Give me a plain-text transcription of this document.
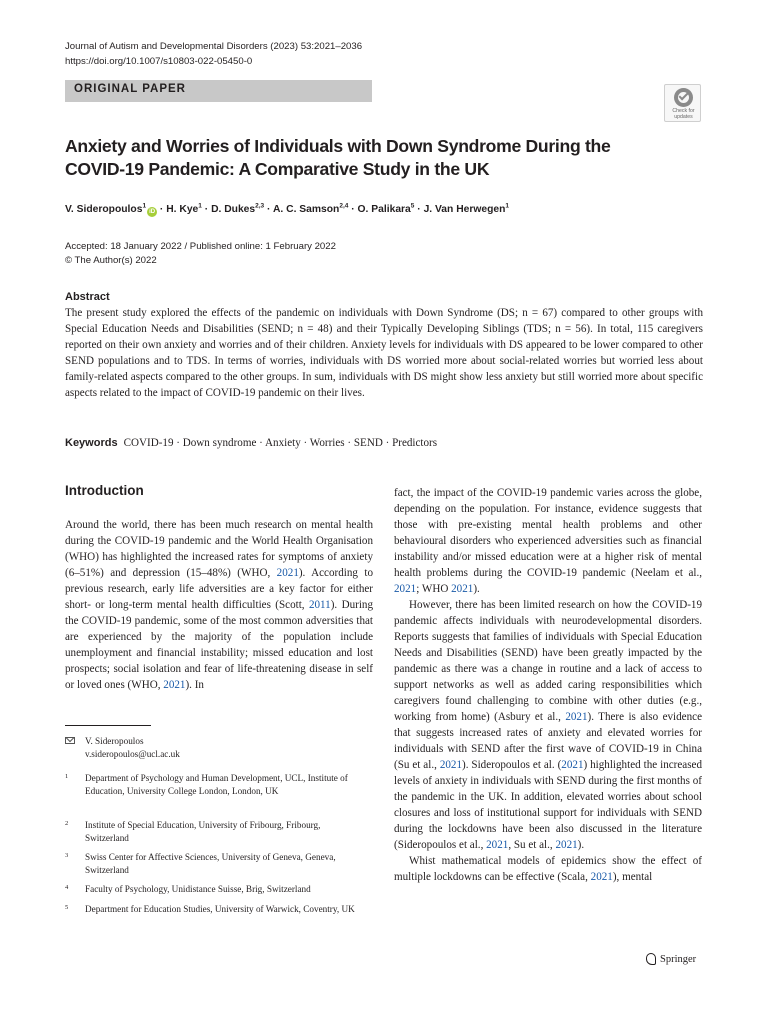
Journal of Autism and Developmental Disorders (2023) 53:2021–2036
https://doi.org/10.1007/s10803-022-05450-0
ORIGINAL PAPER
Check for
updates
Anxiety and Worries of Individuals with Down Syndrome During the COVID-19 Pandemic: A Comparative Study in the UK
V. Sideropoulos$^1$iD · H. Kye$^1$ · D. Dukes$^{2,3}$ · A. C. Samson$^{2,4}$ · O. Palikara$^5$ · J. Van Herwegen$^1$
Accepted: 18 January 2022 / Published online: 1 February 2022
© The Author(s) 2022
Abstract

The present study explored the effects of the pandemic on individuals with Down Syndrome (DS; n = 67) compared to other groups with Special Education Needs and Disabilities (SEND; n = 48) and their Typically Developing Siblings (TDS; n = 56). In total, 115 caregivers reported on their own anxiety and worries and of their children. Anxiety levels for individuals with DS appeared to be lower compared to other SEND populations and to TDS. In terms of worries, individuals with DS worried more about social-related worries but worried less about family-related aspects compared to the other groups. In sum, individuals with DS might show less anxiety but still worried more about specific aspects related to the impact of COVID-19 pandemic on their lives.

Keywords COVID-19 · Down syndrome · Anxiety · Worries · SEND · Predictors
Introduction

Around the world, there has been much research on mental health during the COVID-19 pandemic and the World Health Organisation (WHO) has highlighted the increased rates for symptoms of anxiety (6–51%) and depression (15–48%) (WHO, 2021). According to previous research, early life adversities are a key factor for either short- or long-term mental health difficulties (Scott, 2011). During the COVID-19 pandemic, some of the most common adversities that are experienced by the majority of the population include unemployment and financial instability; missed education and lost prospects; social isolation and fear of life-threatening disease in self or loved ones (WHO, 2021). In

fact, the impact of the COVID-19 pandemic varies across the globe, depending on the population. For instance, evidence suggests that those with pre-existing mental health problems and other behavioural disorders who experienced adversities such as financial instability and/or missed education were at a higher risk of mental health problems during the COVID-19 pandemic (Neelam et al., 2021; WHO 2021).

However, there has been limited research on how the COVID-19 pandemic affects individuals with neurodevelopmental disorders. Reports suggests that families of individuals with Special Education Needs and Disabilities (SEND) have been greatly impacted by the pandemic as there was a change in routine and a lack of access to support networks as well as added caring responsibilities which caregivers found challenging to combine with other duties (e.g., working from home) (Asbury et al., 2021). There is also evidence that suggests increased rates of anxiety and elevated worries for individuals with SEND after the first wave of COVID-19 in China (Su et al., 2021). Sideropoulos et al. (2021) highlighted the increased levels of anxiety in individuals with SEND during the first months of the pandemic in the UK. In addition, elevated worries about school closures and loss of institutional support for individuals with SEND during the lockdowns have been also discussed in the literature (Sideropoulos et al., 2021, Su et al., 2021).

Whist mathematical models of epidemics show the effect of multiple lockdowns can be effective (Scala, 2021), mental

V. Sideropoulos
v.sideropoulos@ucl.ac.uk
1 Department of Psychology and Human Development, UCL, Institute of Education, University College London, London, UK
2 Institute of Special Education, University of Fribourg, Fribourg, Switzerland
3 Swiss Center for Affective Sciences, University of Geneva, Geneva, Switzerland
4 Faculty of Psychology, Unidistance Suisse, Brig, Switzerland
5 Department for Education Studies, University of Warwick, Coventry, UK
Springer
